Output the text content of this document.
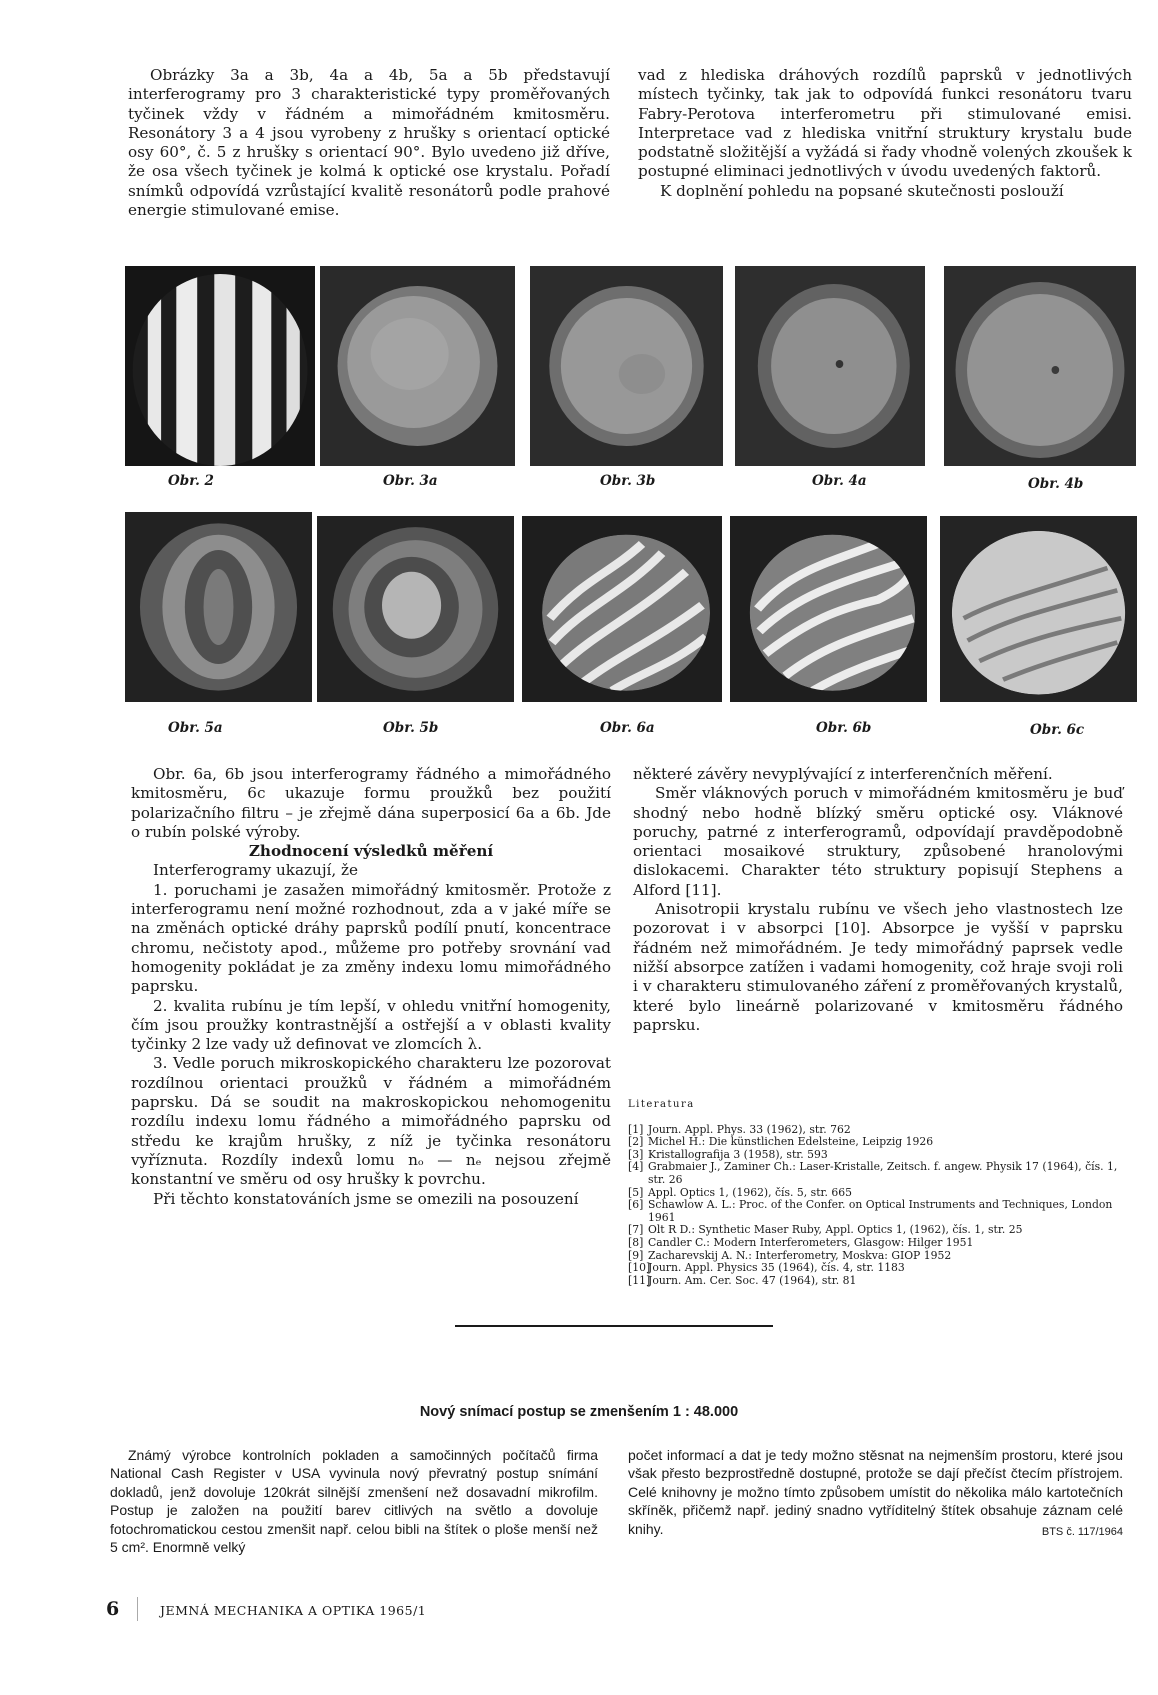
Obrázky 3a a 3b, 4a a 4b, 5a a 5b představují interferogramy pro 3 charakteristické typy proměřovaných tyčinek vždy v řádném a mimořádném kmitosměru. Resonátory 3 a 4 jsou vyrobeny z hrušky s orientací optické osy 60°, č. 5 z hrušky s orientací 90°. Bylo uvedeno již dříve, že osa všech tyčinek je kolmá k optické ose krystalu. Pořadí snímků odpovídá vzrůstající kvalitě resonátorů podle prahové energie stimulované emise.

vad z hlediska dráhových rozdílů paprsků v jednotlivých místech tyčinky, tak jak to odpovídá funkci resonátoru tvaru Fabry-Perotova interferometru při stimulované emisi. Interpretace vad z hlediska vnitřní struktury krystalu bude podstatně složitější a vyžádá si řady vhodně volených zkoušek k postupné eliminaci jednotlivých v úvodu uvedených faktorů.

K doplnění pohledu na popsané skutečnosti poslouží

Obr. 2	Obr. 3a	Obr. 3b	Obr. 4a	Obr. 4b
Obr. 5a	Obr. 5b	Obr. 6a	Obr. 6b	Obr. 6c

Obr. 6a, 6b jsou interferogramy řádného a mimořádného kmitosměru, 6c ukazuje formu proužků bez použití polarizačního filtru – je zřejmě dána superposicí 6a a 6b. Jde o rubín polské výroby.

Zhodnocení výsledků měření

Interferogramy ukazují, že

1. poruchami je zasažen mimořádný kmitosměr. Protože z interferogramu není možné rozhodnout, zda a v jaké míře se na změnách optické dráhy paprsků podílí pnutí, koncentrace chromu, nečistoty apod., můžeme pro potřeby srovnání vad homogenity pokládat je za změny indexu lomu mimořádného paprsku.

2. kvalita rubínu je tím lepší, v ohledu vnitřní homogenity, čím jsou proužky kontrastnější a ostřejší a v oblasti kvality tyčinky 2 lze vady už definovat ve zlomcích λ.

3. Vedle poruch mikroskopického charakteru lze pozorovat rozdílnou orientaci proužků v řádném a mimořádném paprsku. Dá se soudit na makroskopickou nehomogenitu rozdílu indexu lomu řádného a mimořádného paprsku od středu ke krajům hrušky, z níž je tyčinka resonátoru vyříznuta. Rozdíly indexů lomu nₒ — nₑ nejsou zřejmě konstantní ve směru od osy hrušky k povrchu.

Při těchto konstatováních jsme se omezili na posouzení

některé závěry nevyplývající z interferenčních měření.

Směr vláknových poruch v mimořádném kmitosměru je buď shodný nebo hodně blízký směru optické osy. Vláknové poruchy, patrné z interferogramů, odpovídají pravděpodobně orientaci mosaikové struktury, způsobené hranolovými dislokacemi. Charakter této struktury popisují Stephens a Alford [11].

Anisotropii krystalu rubínu ve všech jeho vlastnostech lze pozorovat i v absorpci [10]. Absorpce je vyšší v paprsku řádném než mimořádném. Je tedy mimořádný paprsek vedle nižší absorpce zatížen i vadami homogenity, což hraje svoji roli i v charakteru stimulovaného záření z proměřovaných krystalů, které bylo lineárně polarizované v kmitosměru řádného paprsku.

Literatura
[1] Journ. Appl. Phys. 33 (1962), str. 762
[2] Michel H.: Die künstlichen Edelsteine, Leipzig 1926
[3] Kristallografija 3 (1958), str. 593
[4] Grabmaier J., Zaminer Ch.: Laser-Kristalle, Zeitsch. f. angew. Physik 17 (1964), čís. 1, str. 26
[5] Appl. Optics 1, (1962), čís. 5, str. 665
[6] Schawlow A. L.: Proc. of the Confer. on Optical Instruments and Techniques, London 1961
[7] Olt R D.: Synthetic Maser Ruby, Appl. Optics 1, (1962), čís. 1, str. 25
[8] Candler C.: Modern Interferometers, Glasgow: Hilger 1951
[9] Zacharevskij A. N.: Interferometry, Moskva: GIOP 1952
[10]
Journ. Appl. Physics 35 (1964), čís. 4, str. 1183
[11]
Journ. Am. Cer. Soc. 47 (1964), str. 81
Nový snímací postup se zmenšením 1 : 48.000
Známý výrobce kontrolních pokladen a samočinných počítačů firma National Cash Register v USA vyvinula nový převratný postup snímání dokladů, jenž dovoluje 120krát silnější zmenšení než dosavadní mikrofilm. Postup je založen na použití barev citlivých na světlo a dovoluje fotochromatickou cestou zmenšit např. celou bibli na štítek o ploše menší než 5 cm². Enormně velký
počet informací a dat je tedy možno stěsnat na nejmenším prostoru, které jsou však přesto bezprostředně dostupné, protože se dají přečíst čtecím přístrojem. Celé knihovny je možno tímto způsobem umístit do několika málo kartotečních skříněk, přičemž např. jediný snadno vytříditelný štítek obsahuje záznam celé knihy.	BTS č. 117/1964
6	JEMNÁ MECHANIKA A OPTIKA 1965/1
